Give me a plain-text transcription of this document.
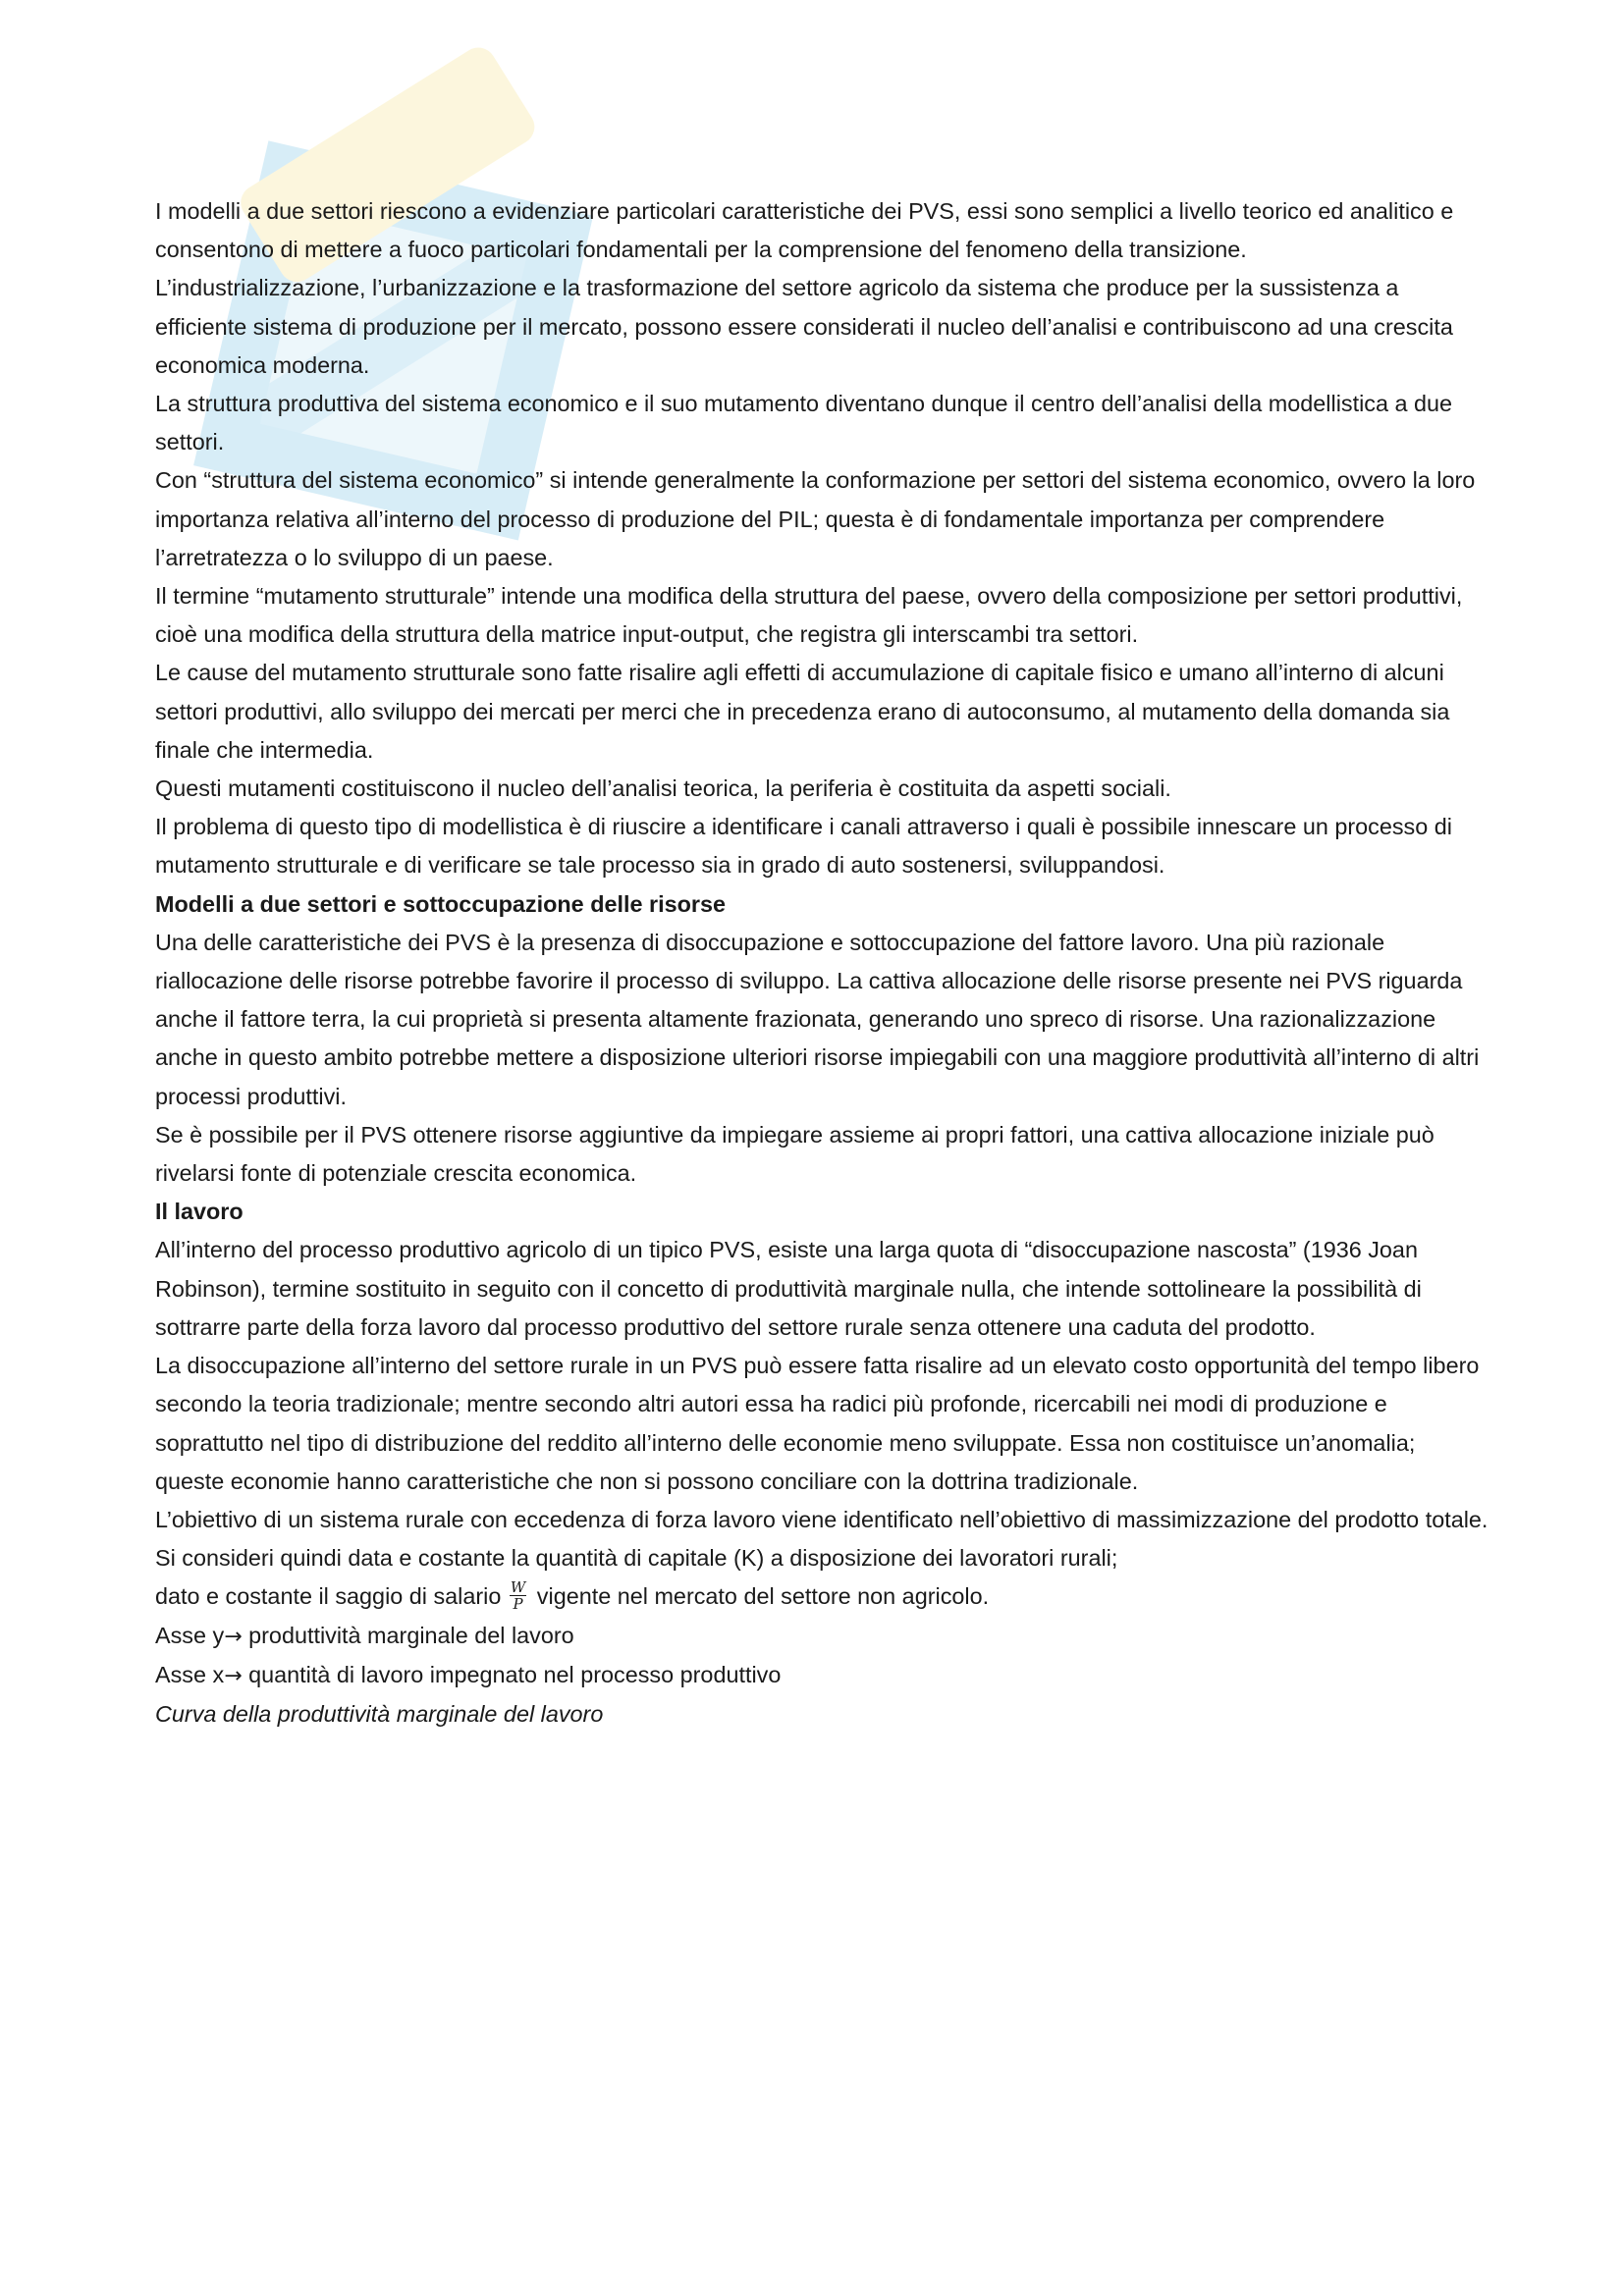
I modelli a due settori riescono a evidenziare particolari caratteristiche dei PVS, essi sono semplici a livello teorico ed analitico e consentono di mettere a fuoco particolari fondamentali per la comprensione del fenomeno della transizione.

L’industrializzazione, l’urbanizzazione e la trasformazione del settore agricolo da sistema che produce per la sussistenza a efficiente sistema di produzione per il mercato, possono essere considerati il nucleo dell’analisi e contribuiscono ad una crescita economica moderna.

La struttura produttiva del sistema economico e il suo mutamento diventano dunque il centro dell’analisi della modellistica a due settori.

Con “struttura del sistema economico” si intende generalmente la conformazione per settori del sistema economico, ovvero la loro importanza relativa all’interno del processo di produzione del PIL; questa è di fondamentale importanza per comprendere l’arretratezza o lo sviluppo di un paese.

Il termine “mutamento strutturale” intende una modifica della struttura del paese, ovvero della composizione per settori produttivi, cioè una modifica della struttura della matrice input-output, che registra gli interscambi tra settori.

Le cause del mutamento strutturale sono fatte risalire agli effetti di accumulazione di capitale fisico e umano all’interno di alcuni settori produttivi, allo sviluppo dei mercati per merci che in precedenza erano di autoconsumo, al mutamento della domanda sia finale che intermedia.

Questi mutamenti costituiscono il nucleo dell’analisi teorica, la periferia è costituita da aspetti sociali.

Il problema di questo tipo di modellistica è di riuscire a identificare i canali attraverso i quali è possibile innescare un processo di mutamento strutturale e di verificare se tale processo sia in grado di auto sostenersi, sviluppandosi.

Modelli a due settori e sottoccupazione delle risorse

Una delle caratteristiche dei PVS è la presenza di disoccupazione e sottoccupazione del fattore lavoro. Una più razionale riallocazione delle risorse potrebbe favorire il processo di sviluppo. La cattiva allocazione delle risorse presente nei PVS riguarda anche il fattore terra, la cui proprietà si presenta altamente frazionata, generando uno spreco di risorse. Una razionalizzazione anche in questo ambito potrebbe mettere a disposizione ulteriori risorse impiegabili con una maggiore produttività all’interno di altri processi produttivi.

Se è possibile per il PVS ottenere risorse aggiuntive da impiegare assieme ai propri fattori, una cattiva allocazione iniziale può rivelarsi fonte di potenziale crescita economica.

Il lavoro

All’interno del processo produttivo agricolo di un tipico PVS, esiste una larga quota di “disoccupazione nascosta” (1936 Joan Robinson), termine sostituito in seguito con il concetto di produttività marginale nulla, che intende sottolineare la possibilità di sottrarre parte della forza lavoro dal processo produttivo del settore rurale senza ottenere una caduta del prodotto.

La disoccupazione all’interno del settore rurale in un PVS può essere fatta risalire ad un elevato costo opportunità del tempo libero secondo la teoria tradizionale; mentre secondo altri autori essa ha radici più profonde, ricercabili nei modi di produzione e soprattutto nel tipo di distribuzione del reddito all’interno delle economie meno sviluppate. Essa non costituisce un’anomalia; queste economie hanno caratteristiche che non si possono conciliare con la dottrina tradizionale.

L’obiettivo di un sistema rurale con eccedenza di forza lavoro viene identificato nell’obiettivo di massimizzazione del prodotto totale.

Si consideri quindi data e costante la quantità di capitale (K) a disposizione dei lavoratori rurali;

dato e costante il saggio di salario $\frac{W}{P}$ vigente nel mercato del settore non agricolo.

Asse y→ produttività marginale del lavoro

Asse x→ quantità di lavoro impegnato nel processo produttivo

Curva della produttività marginale del lavoro
